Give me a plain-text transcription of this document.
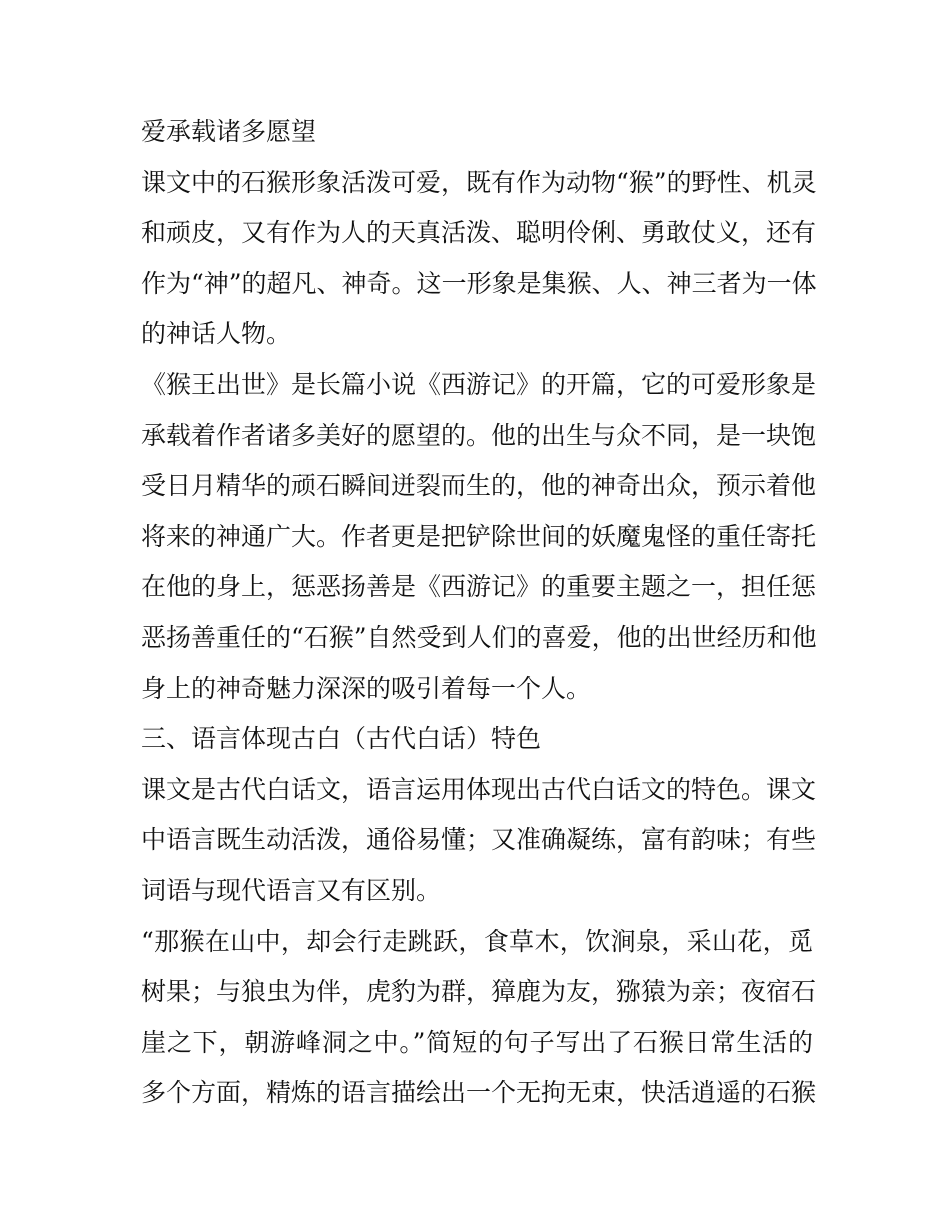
爱承载诸多愿望
课文中的石猴形象活泼可爱，既有作为动物“猴”的野性、机灵
和顽皮，又有作为人的天真活泼、聪明伶俐、勇敢仗义，还有
作为“神”的超凡、神奇。这一形象是集猴、人、神三者为一体
的神话人物。
《猴王出世》是长篇小说《西游记》的开篇，它的可爱形象是
承载着作者诸多美好的愿望的。他的出生与众不同，是一块饱
受日月精华的顽石瞬间迸裂而生的，他的神奇出众，预示着他
将来的神通广大。作者更是把铲除世间的妖魔鬼怪的重任寄托
在他的身上，惩恶扬善是《西游记》的重要主题之一，担任惩
恶扬善重任的“石猴”自然受到人们的喜爱，他的出世经历和他
身上的神奇魅力深深的吸引着每一个人。
三、语言体现古白（古代白话）特色
课文是古代白话文，语言运用体现出古代白话文的特色。课文
中语言既生动活泼，通俗易懂；又准确凝练，富有韵味；有些
词语与现代语言又有区别。
“那猴在山中，却会行走跳跃，食草木，饮涧泉，采山花，觅
树果；与狼虫为伴，虎豹为群，獐鹿为友，猕猿为亲；夜宿石
崖之下，朝游峰洞之中。”简短的句子写出了石猴日常生活的
多个方面，精炼的语言描绘出一个无拘无束，快活逍遥的石猴
